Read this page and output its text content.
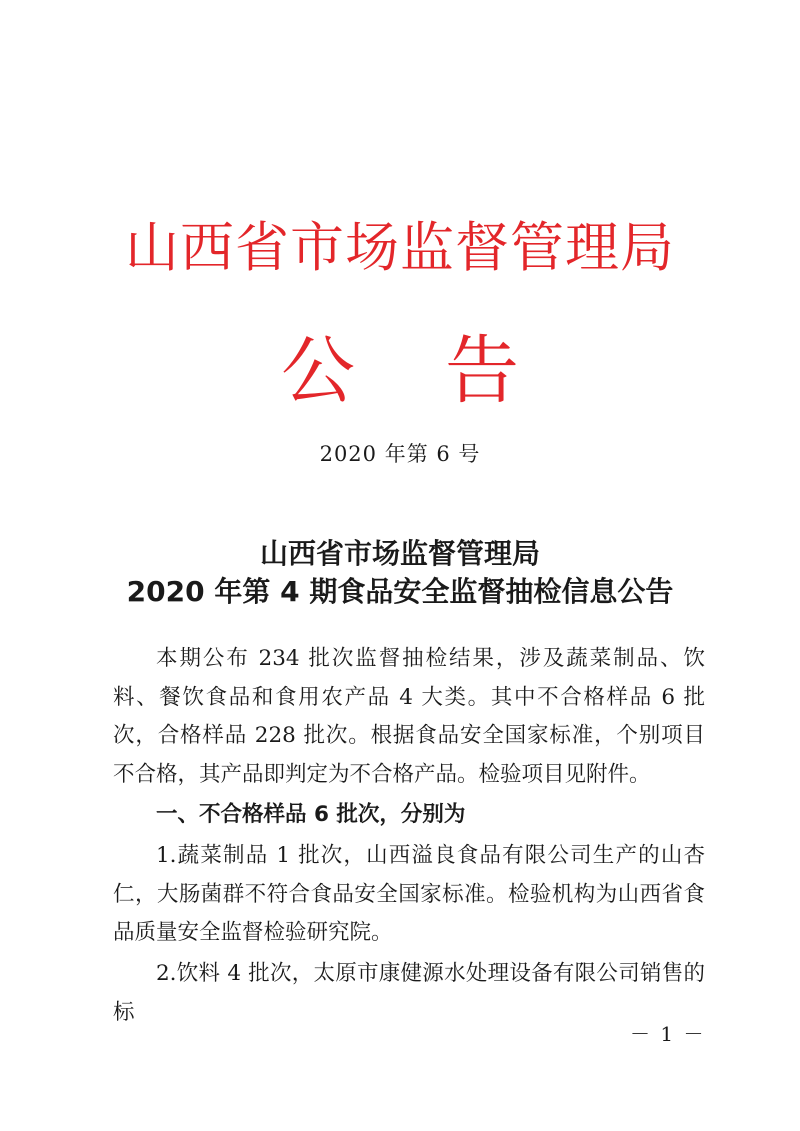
山西省市场监督管理局
公告
2020 年第 6 号
山西省市场监督管理局
2020 年第 4 期食品安全监督抽检信息公告

本期公布 234 批次监督抽检结果，涉及蔬菜制品、饮料、餐饮食品和食用农产品 4 大类。其中不合格样品 6 批次，合格样品 228 批次。根据食品安全国家标准，个别项目不合格，其产品即判定为不合格产品。检验项目见附件。

一、不合格样品 6 批次，分别为

1.蔬菜制品 1 批次，山西溢良食品有限公司生产的山杏仁，大肠菌群不符合食品安全国家标准。检验机构为山西省食品质量安全监督检验研究院。

2.饮料 4 批次，太原市康健源水处理设备有限公司销售的标

－ 1 －
